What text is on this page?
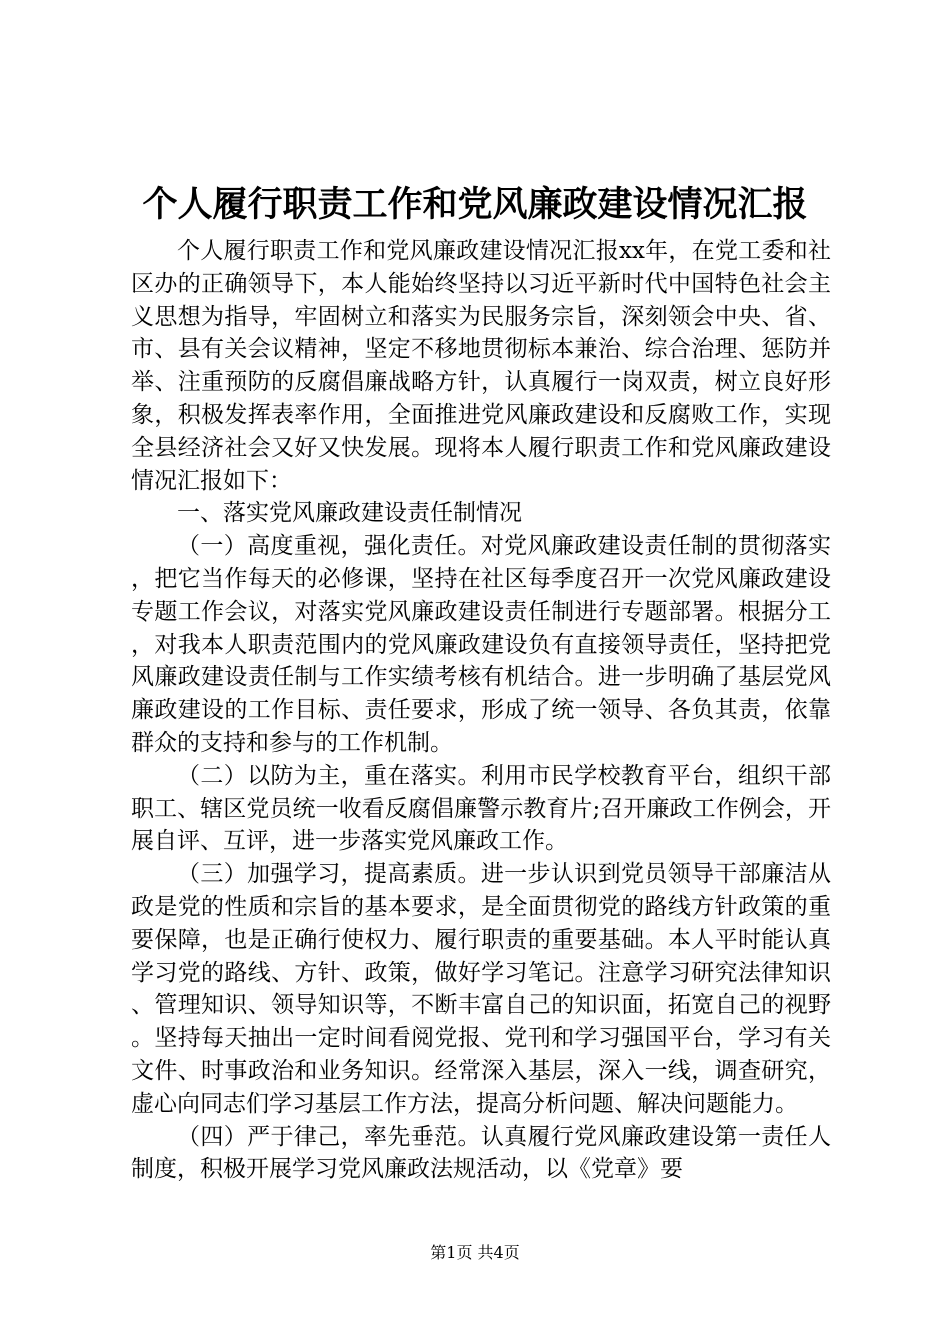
个人履行职责工作和党风廉政建设情况汇报

个人履行职责工作和党风廉政建设情况汇报xx年，在党工委和社区办的正确领导下，本人能始终坚持以习近平新时代中国特色社会主义思想为指导，牢固树立和落实为民服务宗旨，深刻领会中央、省、市、县有关会议精神，坚定不移地贯彻标本兼治、综合治理、惩防并举、注重预防的反腐倡廉战略方针，认真履行一岗双责，树立良好形象，积极发挥表率作用，全面推进党风廉政建设和反腐败工作，实现全县经济社会又好又快发展。现将本人履行职责工作和党风廉政建设情况汇报如下：

一、落实党风廉政建设责任制情况

（一）高度重视，强化责任。对党风廉政建设责任制的贯彻落实，把它当作每天的必修课，坚持在社区每季度召开一次党风廉政建设专题工作会议，对落实党风廉政建设责任制进行专题部署。根据分工，对我本人职责范围内的党风廉政建设负有直接领导责任，坚持把党风廉政建设责任制与工作实绩考核有机结合。进一步明确了基层党风廉政建设的工作目标、责任要求，形成了统一领导、各负其责，依靠群众的支持和参与的工作机制。

（二）以防为主，重在落实。利用市民学校教育平台，组织干部职工、辖区党员统一收看反腐倡廉警示教育片;召开廉政工作例会，开展自评、互评，进一步落实党风廉政工作。

（三）加强学习，提高素质。进一步认识到党员领导干部廉洁从政是党的性质和宗旨的基本要求，是全面贯彻党的路线方针政策的重要保障，也是正确行使权力、履行职责的重要基础。本人平时能认真学习党的路线、方针、政策，做好学习笔记。注意学习研究法律知识、管理知识、领导知识等，不断丰富自己的知识面，拓宽自己的视野。坚持每天抽出一定时间看阅党报、党刊和学习强国平台，学习有关文件、时事政治和业务知识。经常深入基层，深入一线，调查研究，虚心向同志们学习基层工作方法，提高分析问题、解决问题能力。

（四）严于律己，率先垂范。认真履行党风廉政建设第一责任人制度，积极开展学习党风廉政法规活动，以《党章》要

第1页 共4页
